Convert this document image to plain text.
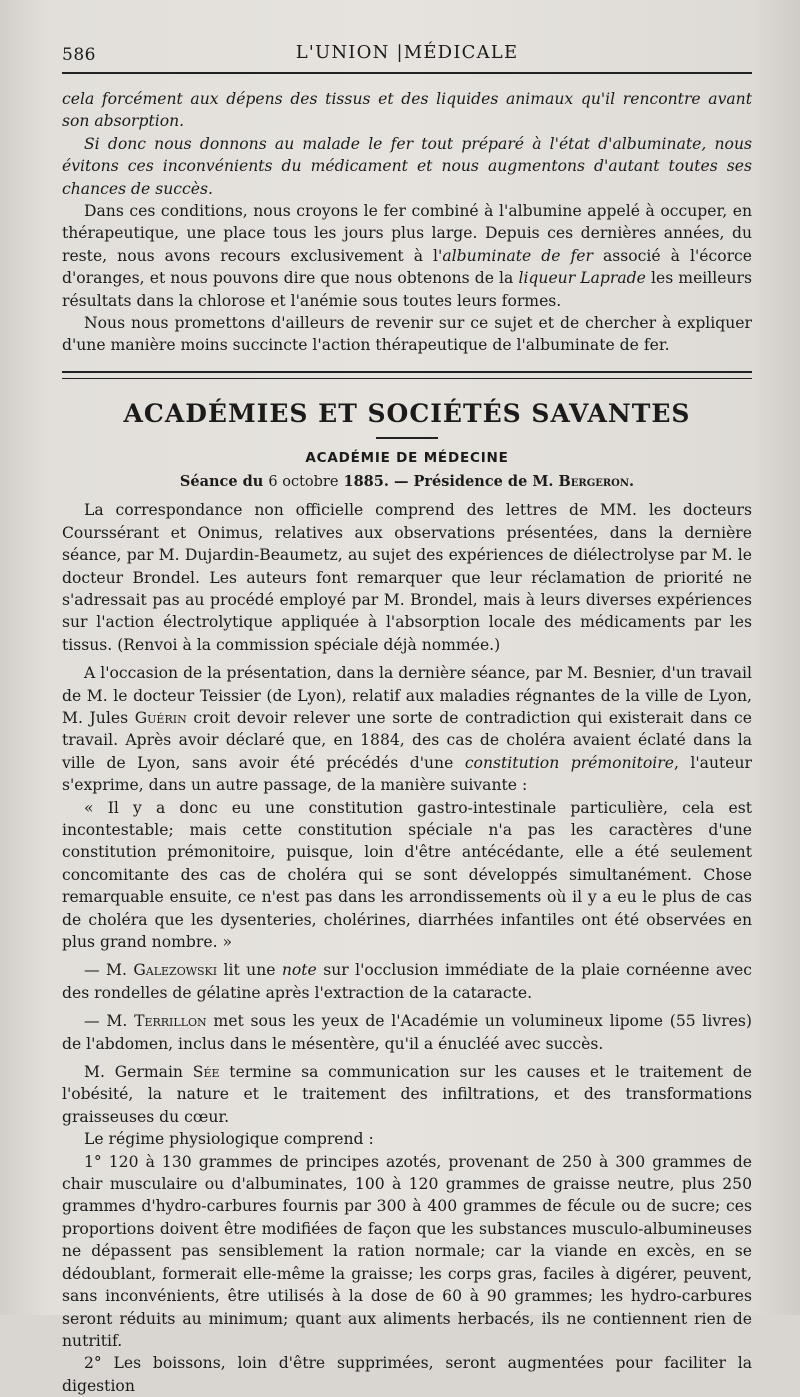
586	L'UNION |MÉDICALE

cela forcément aux dépens des tissus et des liquides animaux qu'il rencontre avant son absorption.

Si donc nous donnons au malade le fer tout préparé à l'état d'albuminate, nous évitons ces inconvénients du médicament et nous augmentons d'autant toutes ses chances de succès.

Dans ces conditions, nous croyons le fer combiné à l'albumine appelé à occuper, en thérapeutique, une place tous les jours plus large. Depuis ces dernières années, du reste, nous avons recours exclusivement à l'albuminate de fer associé à l'écorce d'oranges, et nous pouvons dire que nous obtenons de la liqueur Laprade les meilleurs résultats dans la chlorose et l'anémie sous toutes leurs formes.

Nous nous promettons d'ailleurs de revenir sur ce sujet et de chercher à expliquer d'une manière moins succincte l'action thérapeutique de l'albuminate de fer.

ACADÉMIES ET SOCIÉTÉS SAVANTES
ACADÉMIE DE MÉDECINE
Séance du 6 octobre 1885. — Présidence de M. Bergeron.

La correspondance non officielle comprend des lettres de MM. les docteurs Courssérant et Onimus, relatives aux observations présentées, dans la dernière séance, par M. Dujardin-Beaumetz, au sujet des expériences de diélectrolyse par M. le docteur Brondel. Les auteurs font remarquer que leur réclamation de priorité ne s'adressait pas au procédé employé par M. Brondel, mais à leurs diverses expériences sur l'action électrolytique appliquée à l'absorption locale des médicaments par les tissus. (Renvoi à la commission spéciale déjà nommée.)

A l'occasion de la présentation, dans la dernière séance, par M. Besnier, d'un travail de M. le docteur Teissier (de Lyon), relatif aux maladies régnantes de la ville de Lyon, M. Jules Guérin croit devoir relever une sorte de contradiction qui existerait dans ce travail. Après avoir déclaré que, en 1884, des cas de choléra avaient éclaté dans la ville de Lyon, sans avoir été précédés d'une constitution prémonitoire, l'auteur s'exprime, dans un autre passage, de la manière suivante :

« Il y a donc eu une constitution gastro-intestinale particulière, cela est incontestable; mais cette constitution spéciale n'a pas les caractères d'une constitution prémonitoire, puisque, loin d'être antécédante, elle a été seulement concomitante des cas de choléra qui se sont développés simultanément. Chose remarquable ensuite, ce n'est pas dans les arrondissements où il y a eu le plus de cas de choléra que les dysenteries, cholérines, diarrhées infantiles ont été observées en plus grand nombre. »

— M. Galezowski lit une note sur l'occlusion immédiate de la plaie cornéenne avec des rondelles de gélatine après l'extraction de la cataracte.

— M. Terrillon met sous les yeux de l'Académie un volumineux lipome (55 livres) de l'abdomen, inclus dans le mésentère, qu'il a énucléé avec succès.

M. Germain Sée termine sa communication sur les causes et le traitement de l'obésité, la nature et le traitement des infiltrations, et des transformations graisseuses du cœur.

Le régime physiologique comprend :

1° 120 à 130 grammes de principes azotés, provenant de 250 à 300 grammes de chair musculaire ou d'albuminates, 100 à 120 grammes de graisse neutre, plus 250 grammes d'hydro-carbures fournis par 300 à 400 grammes de fécule ou de sucre; ces proportions doivent être modifiées de façon que les substances musculo-albumineuses ne dépassent pas sensiblement la ration normale; car la viande en excès, en se dédoublant, formerait elle-même la graisse; les corps gras, faciles à digérer, peuvent, sans inconvénients, être utilisés à la dose de 60 à 90 grammes; les hydro-carbures seront réduits au minimum; quant aux aliments herbacés, ils ne contiennent rien de nutritif.

2° Les boissons, loin d'être supprimées, seront augmentées pour faciliter la digestion
